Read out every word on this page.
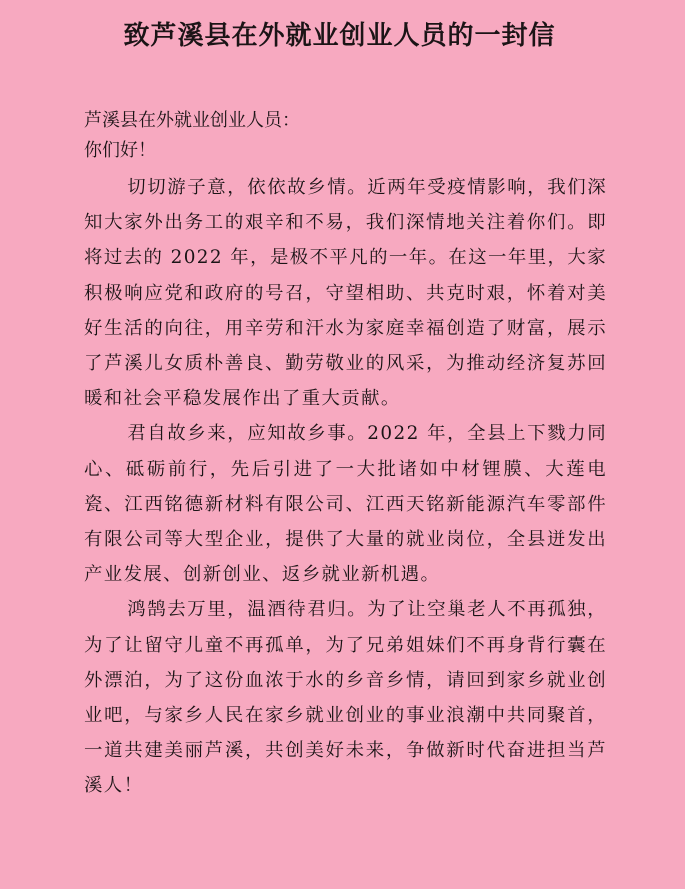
致芦溪县在外就业创业人员的一封信

芦溪县在外就业创业人员：

你们好！

切切游子意，依依故乡情。近两年受疫情影响，我们深知大家外出务工的艰辛和不易，我们深情地关注着你们。即将过去的 2022 年，是极不平凡的一年。在这一年里，大家积极响应党和政府的号召，守望相助、共克时艰，怀着对美好生活的向往，用辛劳和汗水为家庭幸福创造了财富，展示了芦溪儿女质朴善良、勤劳敬业的风采，为推动经济复苏回暖和社会平稳发展作出了重大贡献。

君自故乡来，应知故乡事。2022 年，全县上下戮力同心、砥砺前行，先后引进了一大批诸如中材锂膜、大莲电瓷、江西铭德新材料有限公司、江西天铭新能源汽车零部件有限公司等大型企业，提供了大量的就业岗位，全县迸发出产业发展、创新创业、返乡就业新机遇。

鸿鹄去万里，温酒待君归。为了让空巢老人不再孤独，为了让留守儿童不再孤单，为了兄弟姐妹们不再身背行囊在外漂泊，为了这份血浓于水的乡音乡情，请回到家乡就业创业吧，与家乡人民在家乡就业创业的事业浪潮中共同聚首，一道共建美丽芦溪，共创美好未来，争做新时代奋进担当芦溪人！
